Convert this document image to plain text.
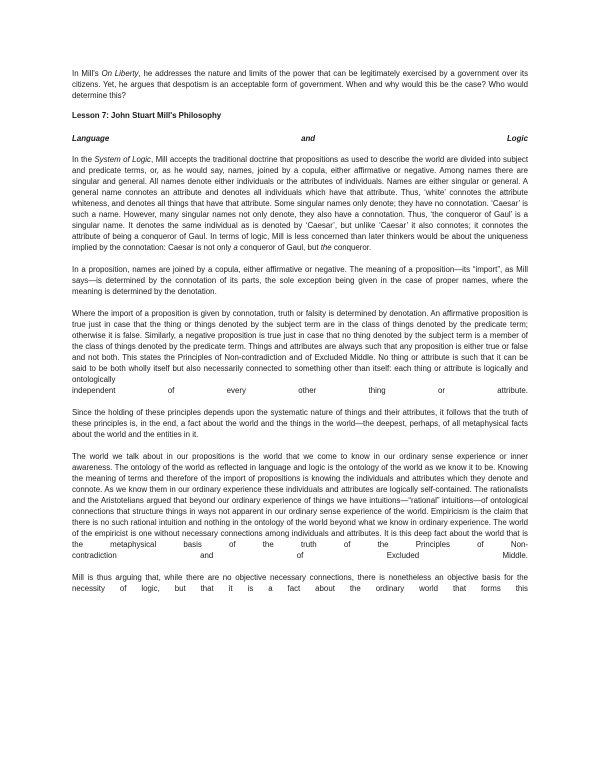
In Mill's On Liberty, he addresses the nature and limits of the power that can be legitimately exercised by a government over its citizens. Yet, he argues that despotism is an acceptable form of government. When and why would this be the case? Who would determine this?

Lesson 7: John Stuart Mill's Philosophy
Language	and	Logic

In the System of Logic, Mill accepts the traditional doctrine that propositions as used to describe the world are divided into subject and predicate terms, or, as he would say, names, joined by a copula, either affirmative or negative. Among names there are singular and general. All names denote either individuals or the attributes of individuals. Names are either singular or general. A general name connotes an attribute and denotes all individuals which have that attribute. Thus, ‘white’ connotes the attribute whiteness, and denotes all things that have that attribute. Some singular names only denote; they have no connotation. ‘Caesar’ is such a name. However, many singular names not only denote, they also have a connotation. Thus, ‘the conqueror of Gaul’ is a singular name. It denotes the same individual as is denoted by ‘Caesar’, but unlike ‘Caesar’ it also connotes; it connotes the attribute of being a conqueror of Gaul. In terms of logic, Mill is less concerned than later thinkers would be about the uniqueness implied by the connotation: Caesar is not only a conqueror of Gaul, but the conqueror.

In a proposition, names are joined by a copula, either affirmative or negative. The meaning of a proposition—its “import”, as Mill says—is determined by the connotation of its parts, the sole exception being given in the case of proper names, where the meaning is determined by the denotation.

Where the import of a proposition is given by connotation, truth or falsity is determined by denotation. An affirmative proposition is true just in case that the thing or things denoted by the subject term are in the class of things denoted by the predicate term; otherwise it is false. Similarly, a negative proposition is true just in case that no thing denoted by the subject term is a member of the class of things denoted by the predicate term. Things and attributes are always such that any proposition is either true or false and not both. This states the Principles of Non-contradiction and of Excluded Middle. No thing or attribute is such that it can be said to be both wholly itself but also necessarily connected to something other than itself: each thing or attribute is logically and ontologically
independent	of	every	other	thing	or	attribute.

Since the holding of these principles depends upon the systematic nature of things and their attributes, it follows that the truth of these principles is, in the end, a fact about the world and the things in the world—the deepest, perhaps, of all metaphysical facts about the world and the entities in it.

The world we talk about in our propositions is the world that we come to know in our ordinary sense experience or inner awareness. The ontology of the world as reflected in language and logic is the ontology of the world as we know it to be. Knowing the meaning of terms and therefore of the import of propositions is knowing the individuals and attributes which they denote and connote. As we know them in our ordinary experience these individuals and attributes are logically self-contained. The rationalists and the Aristotelians argued that beyond our ordinary experience of things we have intuitions—“rational” intuitions—of ontological connections that structure things in ways not apparent in our ordinary sense experience of the world. Empiricism is the claim that there is no such rational intuition and nothing in the ontology of the world beyond what we know in ordinary experience. The world of the empiricist is one without necessary connections among individuals and attributes. It is this deep fact about the world that is the metaphysical basis of the truth of the Principles of Non-
contradiction	and	of	Excluded	Middle.

Mill is thus arguing that, while there are no objective necessary connections, there is nonetheless an objective basis for the necessity of logic, but that it is a fact about the ordinary world that forms this
